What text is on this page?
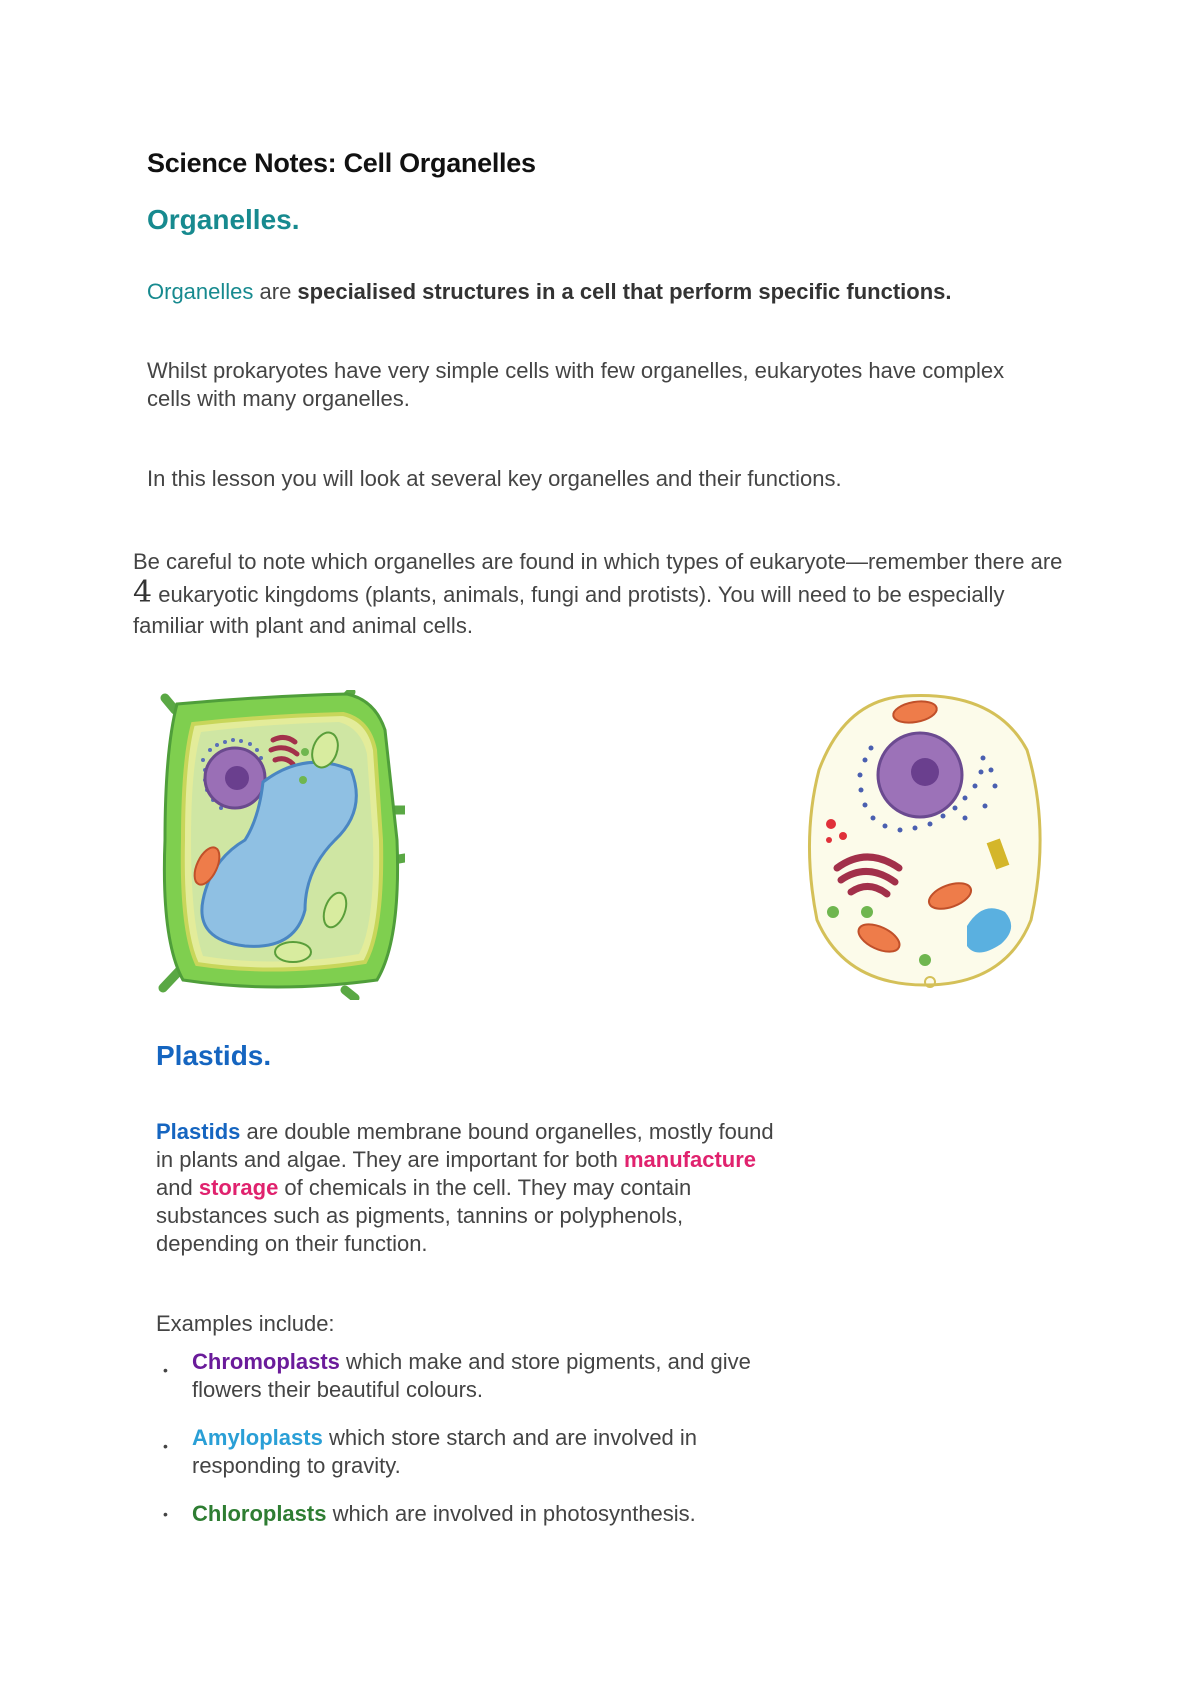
Science Notes: Cell Organelles
Organelles.
Organelles are specialised structures in a cell that perform specific functions.
Whilst prokaryotes have very simple cells with few organelles, eukaryotes have complex cells with many organelles.
In this lesson you will look at several key organelles and their functions.
Be careful to note which organelles are found in which types of eukaryote—remember there are 4 eukaryotic kingdoms (plants, animals, fungi and protists). You will need to be especially familiar with plant and animal cells.
Plastids.
Plastids are double membrane bound organelles, mostly found in plants and algae. They are important for both manufacture and storage of chemicals in the cell. They may contain substances such as pigments, tannins or polyphenols, depending on their function.
Examples include:
• Chromoplasts which make and store pigments, and give flowers their beautiful colours.
• Amyloplasts which store starch and are involved in responding to gravity.
• Chloroplasts which are involved in photosynthesis.
